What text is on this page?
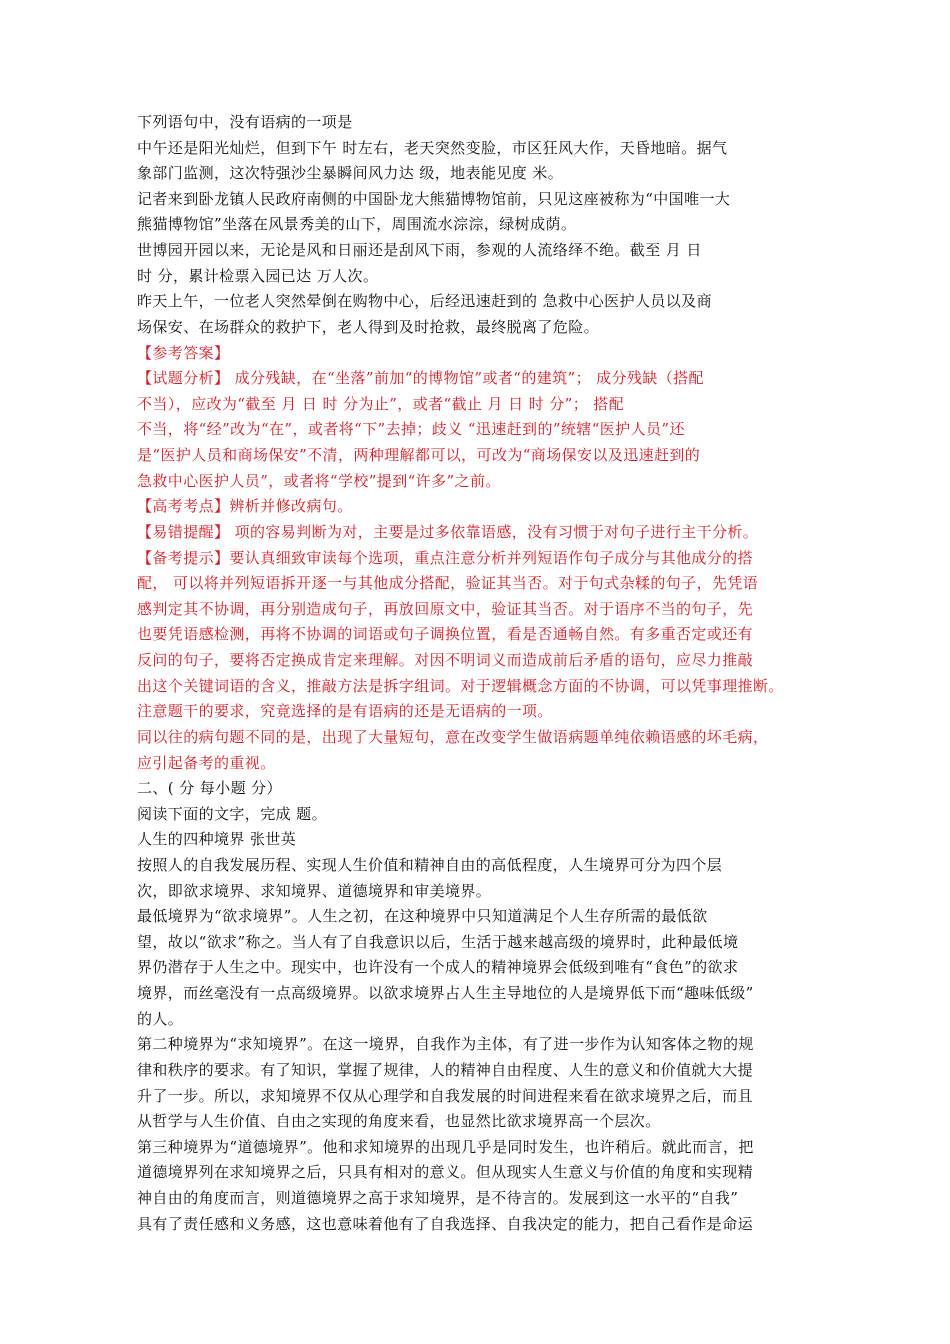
下列语句中，没有语病的一项是
中午还是阳光灿烂，但到下午 时左右，老天突然变脸，市区狂风大作，天昏地暗。据气
象部门监测，这次特强沙尘暴瞬间风力达 级，地表能见度 米。
记者来到卧龙镇人民政府南侧的中国卧龙大熊猫博物馆前，只见这座被称为“中国唯一大
熊猫博物馆”坐落在风景秀美的山下，周围流水淙淙，绿树成荫。
世博园开园以来，无论是风和日丽还是刮风下雨，参观的人流络绎不绝。截至 月 日
时 分，累计检票入园已达 万人次。
昨天上午，一位老人突然晕倒在购物中心，后经迅速赶到的 急救中心医护人员以及商
场保安、在场群众的救护下，老人得到及时抢救，最终脱离了危险。
【参考答案】
【试题分析】 成分残缺，在“坐落”前加“的博物馆”或者“的建筑”； 成分残缺（搭配
不当），应改为“截至 月 日 时 分为止”，或者“截止 月 日 时 分”； 搭配
不当，将“经”改为“在”，或者将“下”去掉；歧义 “迅速赶到的”统辖“医护人员”还
是“医护人员和商场保安”不清，两种理解都可以，可改为“商场保安以及迅速赶到的
急救中心医护人员”，或者将“学校”提到“许多”之前。
【高考考点】辨析并修改病句。
【易错提醒】 项的容易判断为对，主要是过多依靠语感，没有习惯于对句子进行主干分析。
【备考提示】要认真细致审读每个选项，重点注意分析并列短语作句子成分与其他成分的搭
配， 可以将并列短语拆开逐一与其他成分搭配，验证其当否。对于句式杂糅的句子，先凭语
感判定其不协调，再分别造成句子，再放回原文中，验证其当否。对于语序不当的句子，先
也要凭语感检测，再将不协调的词语或句子调换位置，看是否通畅自然。有多重否定或还有
反问的句子，要将否定换成肯定来理解。对因不明词义而造成前后矛盾的语句，应尽力推敲
出这个关键词语的含义，推敲方法是拆字组词。对于逻辑概念方面的不协调，可以凭事理推断。
注意题干的要求，究竟选择的是有语病的还是无语病的一项。
同以往的病句题不同的是，出现了大量短句，意在改变学生做语病题单纯依赖语感的坏毛病，
应引起备考的重视。
二、( 分 每小题 分）
阅读下面的文字，完成 题。
人生的四种境界 张世英
按照人的自我发展历程、实现人生价值和精神自由的高低程度，人生境界可分为四个层
次，即欲求境界、求知境界、道德境界和审美境界。
最低境界为“欲求境界”。人生之初，在这种境界中只知道满足个人生存所需的最低欲
望，故以“欲求”称之。当人有了自我意识以后，生活于越来越高级的境界时，此种最低境
界仍潜存于人生之中。现实中，也许没有一个成人的精神境界会低级到唯有“食色”的欲求
境界，而丝毫没有一点高级境界。以欲求境界占人生主导地位的人是境界低下而“趣味低级”
的人。
第二种境界为“求知境界”。在这一境界，自我作为主体，有了进一步作为认知客体之物的规
律和秩序的要求。有了知识，掌握了规律，人的精神自由程度、人生的意义和价值就大大提
升了一步。所以，求知境界不仅从心理学和自我发展的时间进程来看在欲求境界之后，而且
从哲学与人生价值、自由之实现的角度来看，也显然比欲求境界高一个层次。
第三种境界为“道德境界”。他和求知境界的出现几乎是同时发生，也许稍后。就此而言，把
道德境界列在求知境界之后，只具有相对的意义。但从现实人生意义与价值的角度和实现精
神自由的角度而言，则道德境界之高于求知境界，是不待言的。发展到这一水平的“自我”
具有了责任感和义务感，这也意味着他有了自我选择、自我决定的能力，把自己看作是命运
